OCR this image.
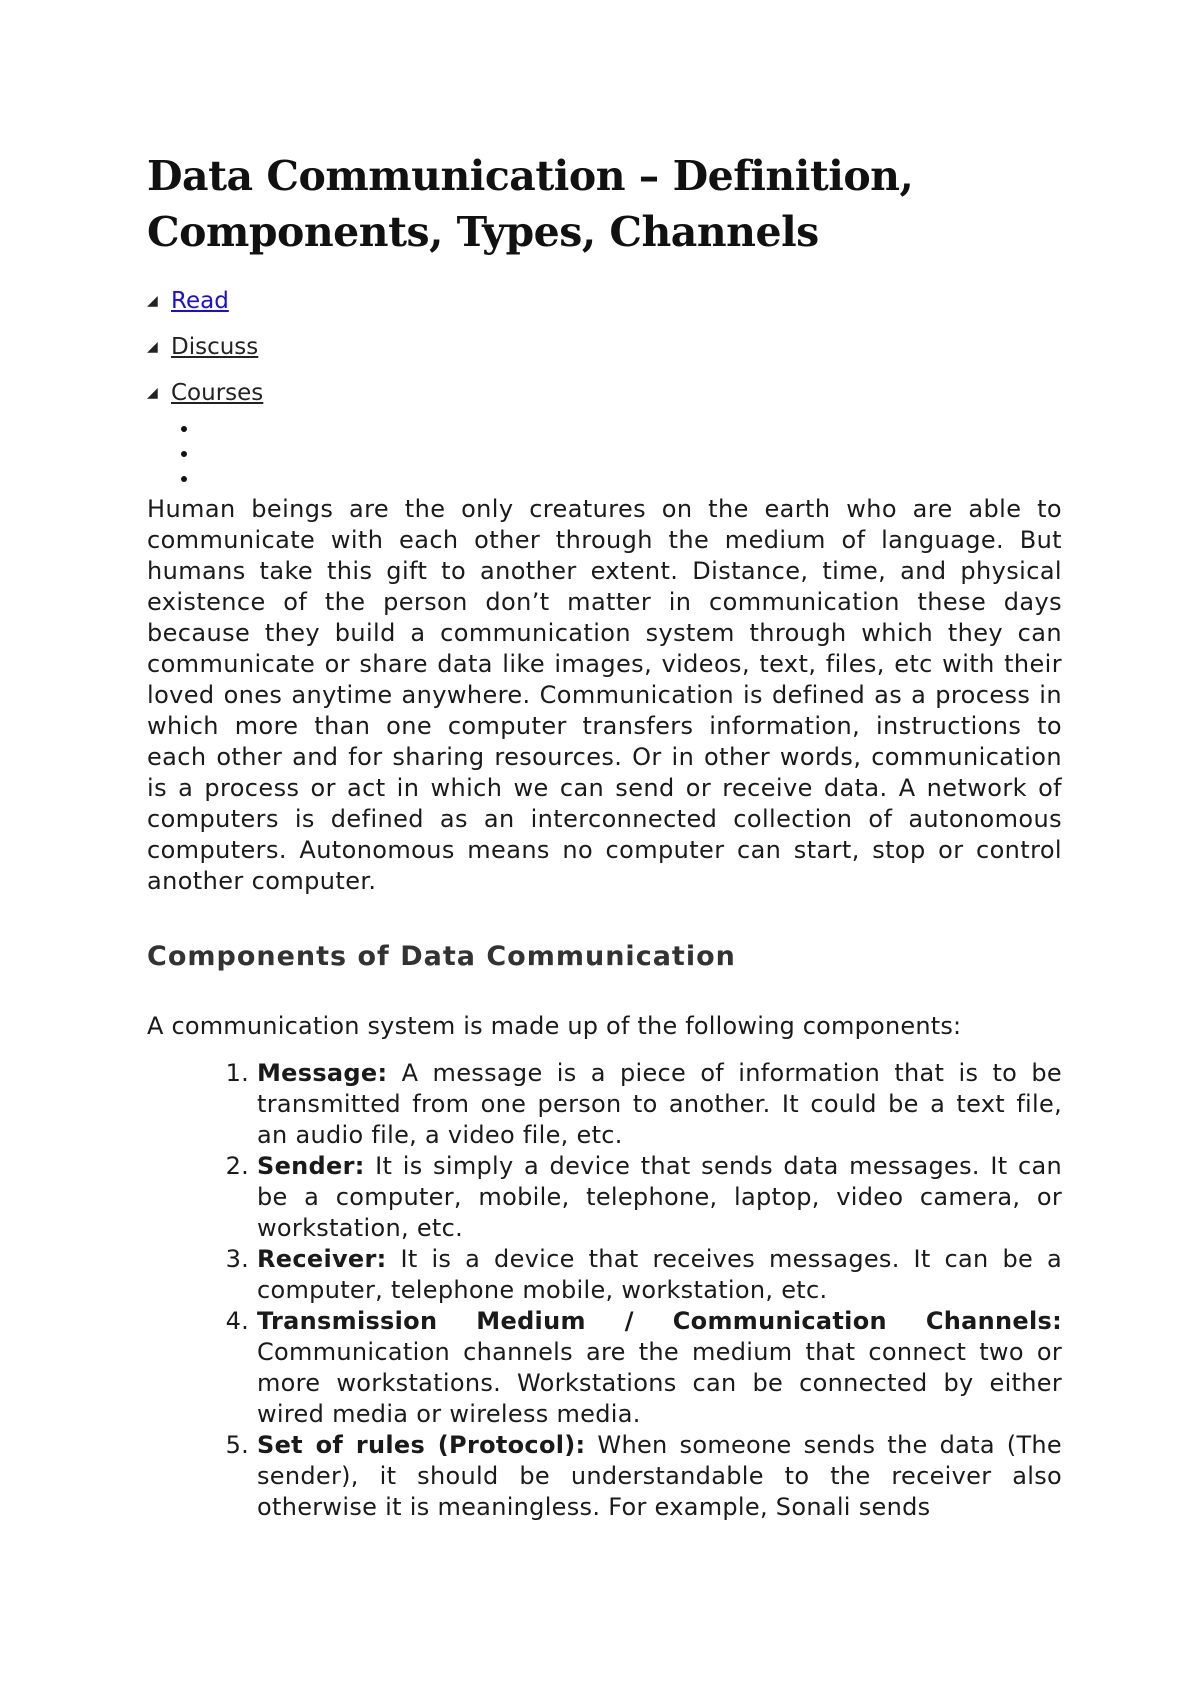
Data Communication – Definition, Components, Types, Channels
◢ Read
◢ Discuss
◢ Courses

Human beings are the only creatures on the earth who are able to communicate with each other through the medium of language. But humans take this gift to another extent. Distance, time, and physical existence of the person don’t matter in communication these days because they build a communication system through which they can communicate or share data like images, videos, text, files, etc with their loved ones anytime anywhere. Communication is defined as a process in which more than one computer transfers information, instructions to each other and for sharing resources. Or in other words, communication is a process or act in which we can send or receive data. A network of computers is defined as an interconnected collection of autonomous computers. Autonomous means no computer can start, stop or control another computer.

Components of Data Communication

A communication system is made up of the following components:

1. Message: A message is a piece of information that is to be transmitted from one person to another. It could be a text file, an audio file, a video file, etc.
2. Sender: It is simply a device that sends data messages. It can be a computer, mobile, telephone, laptop, video camera, or workstation, etc.
3. Receiver: It is a device that receives messages. It can be a computer, telephone mobile, workstation, etc.
4. Transmission Medium / Communication Channels: Communication channels are the medium that connect two or more workstations. Workstations can be connected by either wired media or wireless media.
5. Set of rules (Protocol): When someone sends the data (The sender), it should be understandable to the receiver also otherwise it is meaningless. For example, Sonali sends
